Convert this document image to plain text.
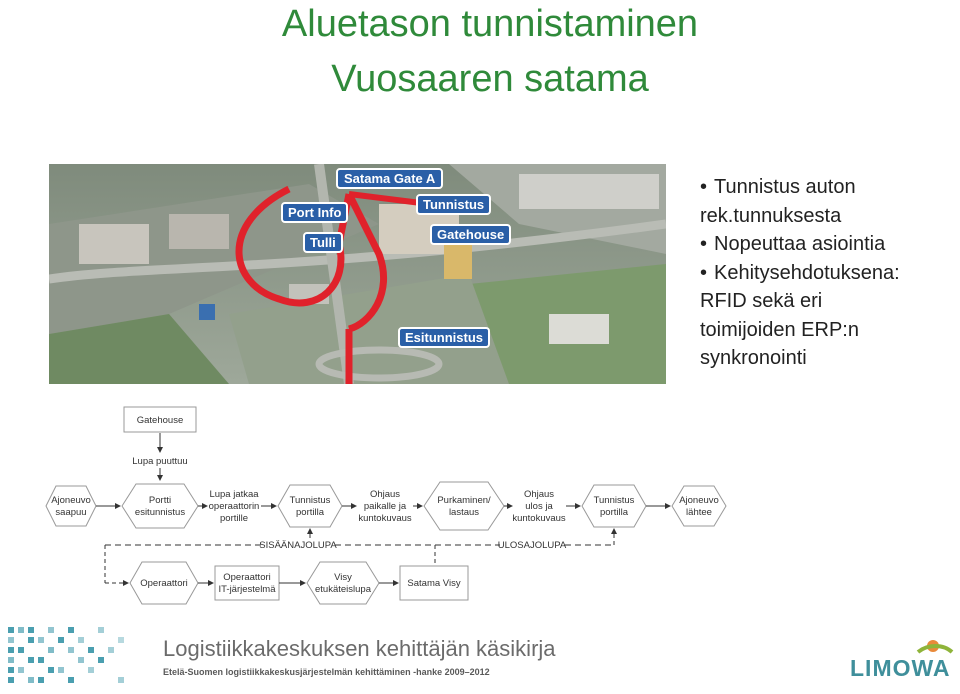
Aluetason tunnistaminen
Vuosaaren satama
Satama Gate A
Port Info
Tunnistus
Tulli
Gatehouse
Esitunnistus
• Tunnistus auton
rek.tunnuksesta
• Nopeuttaa asiointia
• Kehitysehdotuksena:
RFID sekä eri
toimijoiden ERP:n
synkronointi
Gatehouse
Lupa puuttuu
Ajoneuvo
saapuu
Portti
esitunnistus
Lupa jatkaa
operaattorin
portille
Tunnistus
portilla
Ohjaus
paikalle ja
kuntokuvaus
Purkaminen/
lastaus
Ohjaus
ulos ja
kuntokuvaus
Tunnistus
portilla
Ajoneuvo
lähtee
SISÄÄNAJOLUPA	ULOSAJOLUPA
Operaattori
Operaattori
IT-järjestelmä
Visy
etukäteislupa
Satama Visy
Logistiikkakeskuksen kehittäjän käsikirja
Etelä-Suomen logistiikkakeskusjärjestelmän kehittäminen -hanke 2009–2012	LIMOWA
